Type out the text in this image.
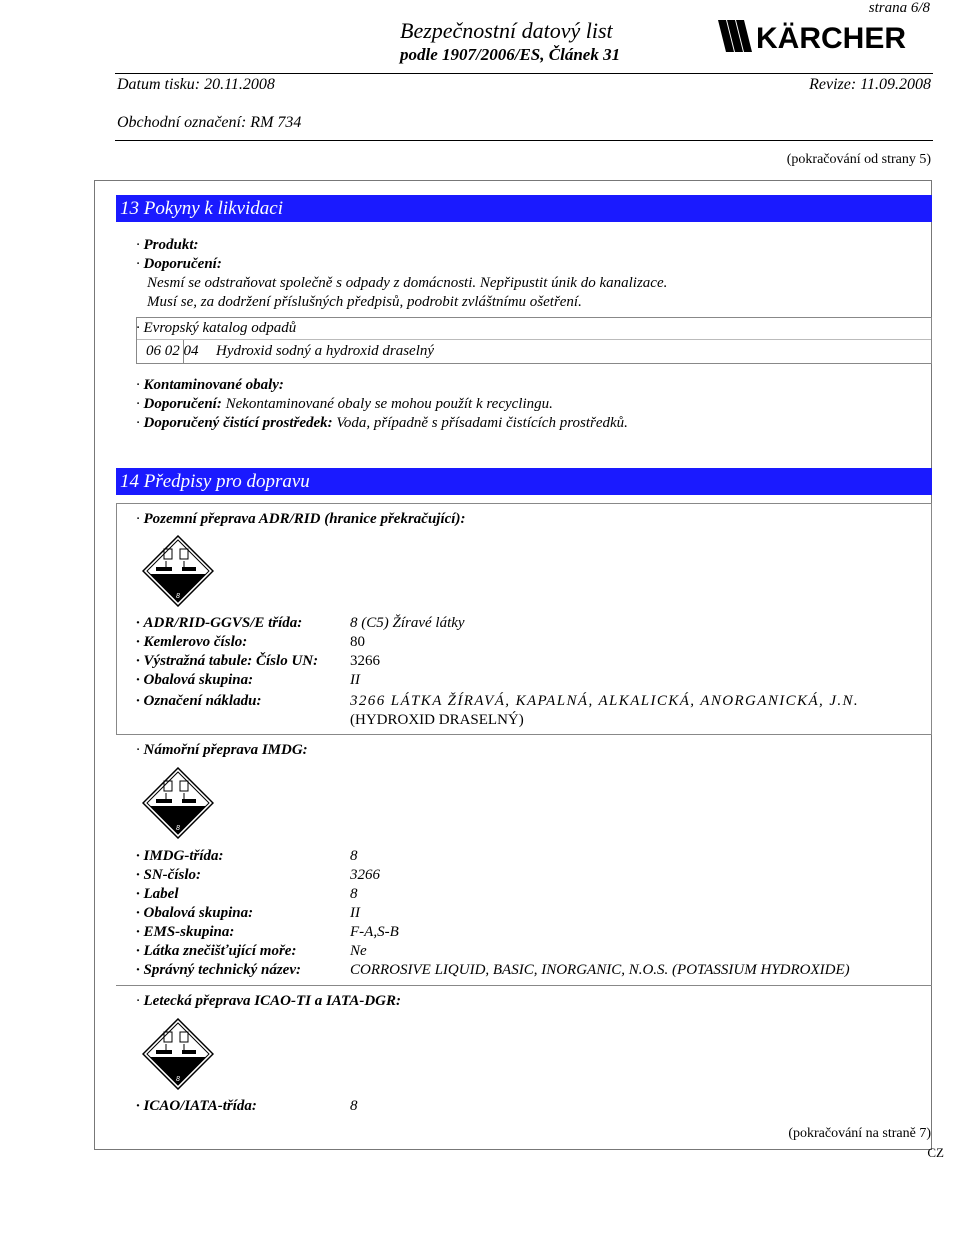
Bezpečnostní datový list
podle 1907/2006/ES, Článek 31
strana 6/8
KÄRCHER
Datum tisku: 20.11.2008	Revize: 11.09.2008
Obchodní označení: RM 734
(pokračování od strany 5)
13 Pokyny k likvidaci
· Produkt:
· Doporučení:
Nesmí se odstraňovat společně s odpady z domácnosti. Nepřipustit únik do kanalizace.
Musí se, za dodržení příslušných předpisů, podrobit zvláštnímu ošetření.
· Evropský katalog odpadů
06 02 04 Hydroxid sodný a hydroxid draselný
· Kontaminované obaly:
· Doporučení: Nekontaminované obaly se mohou použít k recyclingu.
· Doporučený čistící prostředek: Voda, případně s přísadami čistících prostředků.
14 Předpisy pro dopravu
· Pozemní přeprava ADR/RID (hranice překračující):
8
· ADR/RID-GGVS/E třída:	8 (C5) Žíravé látky
· Kemlerovo číslo:	80
· Výstražná tabule: Číslo UN: 3266
· Obalová skupina:	II
· Označení nákladu:	3266 LÁTKA ŽÍRAVÁ, KAPALNÁ, ALKALICKÁ, ANORGANICKÁ, J.N.
(HYDROXID DRASELNÝ)
· Námořní přeprava IMDG:
8
· IMDG-třída:	8
· SN-číslo:	3266
· Label	8
· Obalová skupina:	II
· EMS-skupina:	F-A,S-B
· Látka znečišťující moře:	Ne
· Správný technický název:	CORROSIVE LIQUID, BASIC, INORGANIC, N.O.S. (POTASSIUM HYDROXIDE)
· Letecká přeprava ICAO-TI a IATA-DGR:
8
· ICAO/IATA-třída:	8
(pokračování na straně 7)
CZ
